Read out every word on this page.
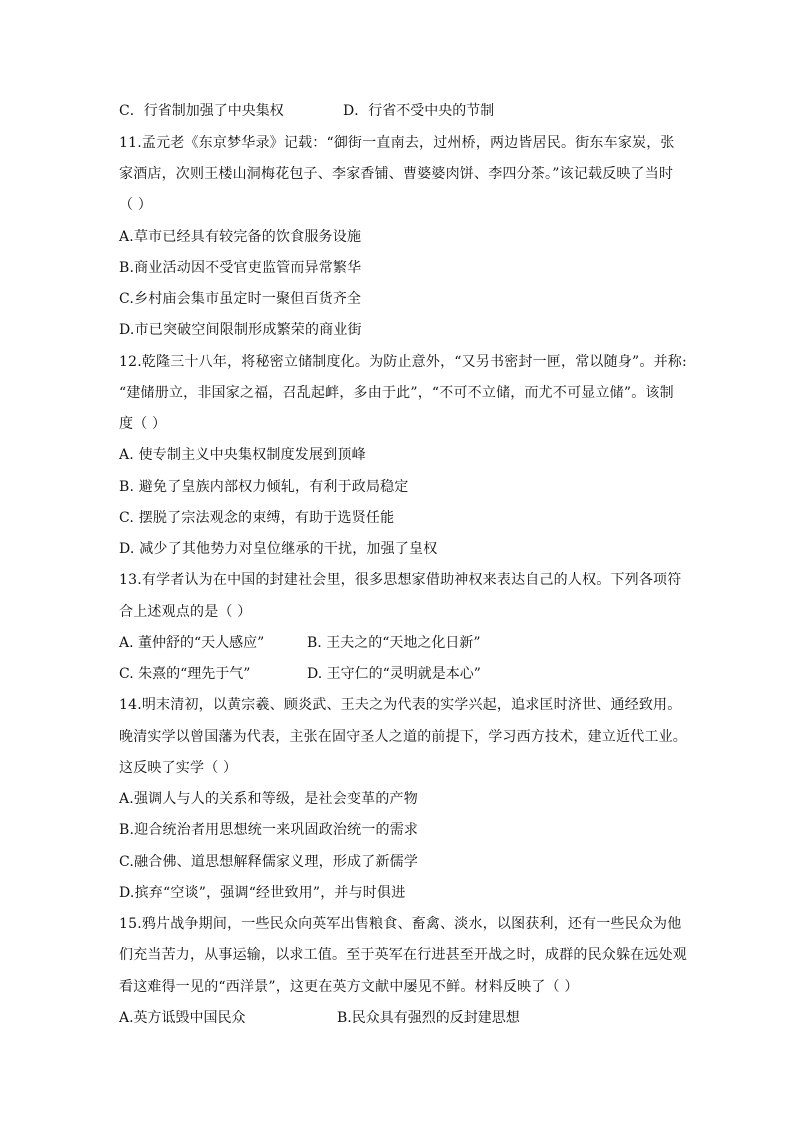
C．行省制加强了中央集权	D．行省不受中央的节制
11.孟元老《东京梦华录》记载：“御街一直南去，过州桥，两边皆居民。街东车家炭，张
家酒店，次则王楼山洞梅花包子、李家香铺、曹婆婆肉饼、李四分茶。”该记载反映了当时
（ ）
A.草市已经具有较完备的饮食服务设施
B.商业活动因不受官吏监管而异常繁华
C.乡村庙会集市虽定时一聚但百货齐全
D.市已突破空间限制形成繁荣的商业街
12.乾隆三十八年，将秘密立储制度化。为防止意外，“又另书密封一匣，常以随身”。并称:
“建储册立，非国家之福，召乱起衅，多由于此”，“不可不立储，而尤不可显立储”。该制
度（ ）
A. 使专制主义中央集权制度发展到顶峰
B. 避免了皇族内部权力倾轧，有利于政局稳定
C. 摆脱了宗法观念的束缚，有助于选贤任能
D. 减少了其他势力对皇位继承的干扰，加强了皇权
13.有学者认为在中国的封建社会里，很多思想家借助神权来表达自己的人权。下列各项符
合上述观点的是（ ）
A. 董仲舒的“天人感应”	B. 王夫之的“天地之化日新”
C. 朱熹的“理先于气”	D. 王守仁的“灵明就是本心”
14.明末清初，以黄宗羲、顾炎武、王夫之为代表的实学兴起，追求匡时济世、通经致用。
晚清实学以曾国藩为代表，主张在固守圣人之道的前提下，学习西方技术，建立近代工业。
这反映了实学（ ）
A.强调人与人的关系和等级，是社会变革的产物
B.迎合统治者用思想统一来巩固政治统一的需求
C.融合佛、道思想解释儒家义理，形成了新儒学
D.摈弃“空谈”，强调“经世致用”，并与时俱进
15.鸦片战争期间，一些民众向英军出售粮食、畜禽、淡水，以图获利，还有一些民众为他
们充当苦力，从事运输，以求工值。至于英军在行进甚至开战之时，成群的民众躲在远处观
看这难得一见的“西洋景”，这更在英方文献中屡见不鲜。材料反映了（ ）
A.英方诋毁中国民众	B.民众具有强烈的反封建思想
